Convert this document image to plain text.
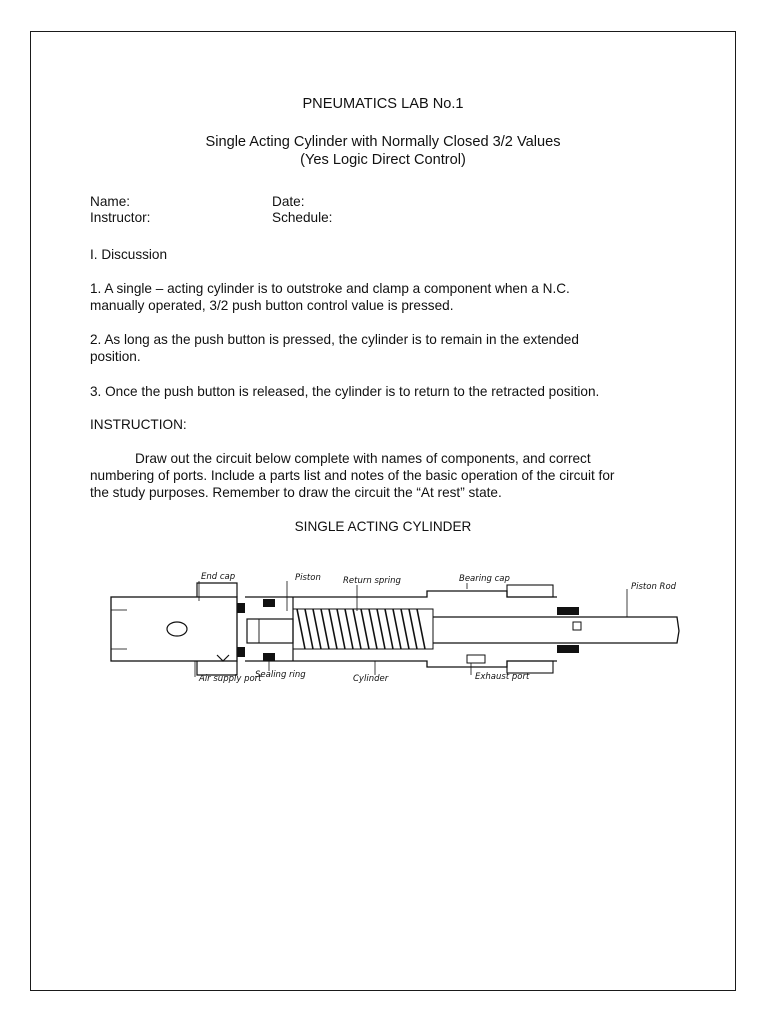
PNEUMATICS LAB No.1

Single Acting Cylinder with Normally Closed 3/2 Values

(Yes Logic Direct Control)

Name:	Date:

Instructor:	Schedule:

I. Discussion

1. A single – acting cylinder is to outstroke and clamp a component when a N.C.

manually operated, 3/2 push button control value is pressed.

2. As long as the push button is pressed, the cylinder is to remain in the extended

position.

3. Once the push button is released, the cylinder is to return to the retracted position.

INSTRUCTION:

Draw out the circuit below complete with names of components, and correct

numbering of ports. Include a parts list and notes of the basic operation of the circuit for

the study purposes. Remember to draw the circuit the “At rest” state.

SINGLE ACTING CYLINDER

End cap	Piston	Return spring	Bearing cap
Piston Rod
Air supply port
Sealing ring	Cylinder	Exhaust port
